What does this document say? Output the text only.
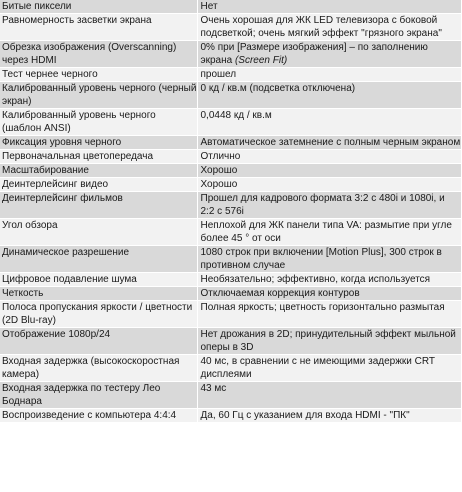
Битые пиксели	Нет
Равномерность засветки экрана	Очень хорошая для ЖК LED телевизора с боковой подсветкой; очень мягкий эффект "грязного экрана"
Обрезка изображения (Overscanning) через HDMI	0% при [Размере изображения] – по заполнению экрана (Screen Fit)
Тест чернее черного	прошел
Калиброванный уровень черного (черный экран)	0 кд / кв.м (подсветка отключена)
Калиброванный уровень черного (шаблон ANSI)	0,0448 кд / кв.м
Фиксация уровня черного	Автоматическое затемнение с полным черным экраном
Первоначальная цветопередача	Отлично
Масштабирование	Хорошо
Деинтерлейсинг видео	Хорошо
Деинтерлейсинг фильмов	Прошел для кадрового формата 3:2 с 480i и 1080i, и 2:2 с 576i
Угол обзора	Неплохой для ЖК панели типа VA: размытие при угле более 45 ° от оси
Динамическое разрешение	1080 строк при включении [Motion Plus], 300 строк в противном случае
Цифровое подавление шума	Необязательно; эффективно, когда используется
Четкость	Отключаемая коррекция контуров
Полоса пропускания яркости / цветности (2D Blu-ray)	Полная яркость; цветность горизонтально размытая
Отображение 1080p/24	Нет дрожания в 2D; принудительный эффект мыльной оперы в 3D
Входная задержка (высокоскоростная камера)	40 мс, в сравнении с не имеющими задержки CRT дисплеями
Входная задержка по тестеру Лео Боднара	43 мс
Воспроизведение с компьютера 4:4:4	Да, 60 Гц с указанием для входа HDMI - "ПК"
